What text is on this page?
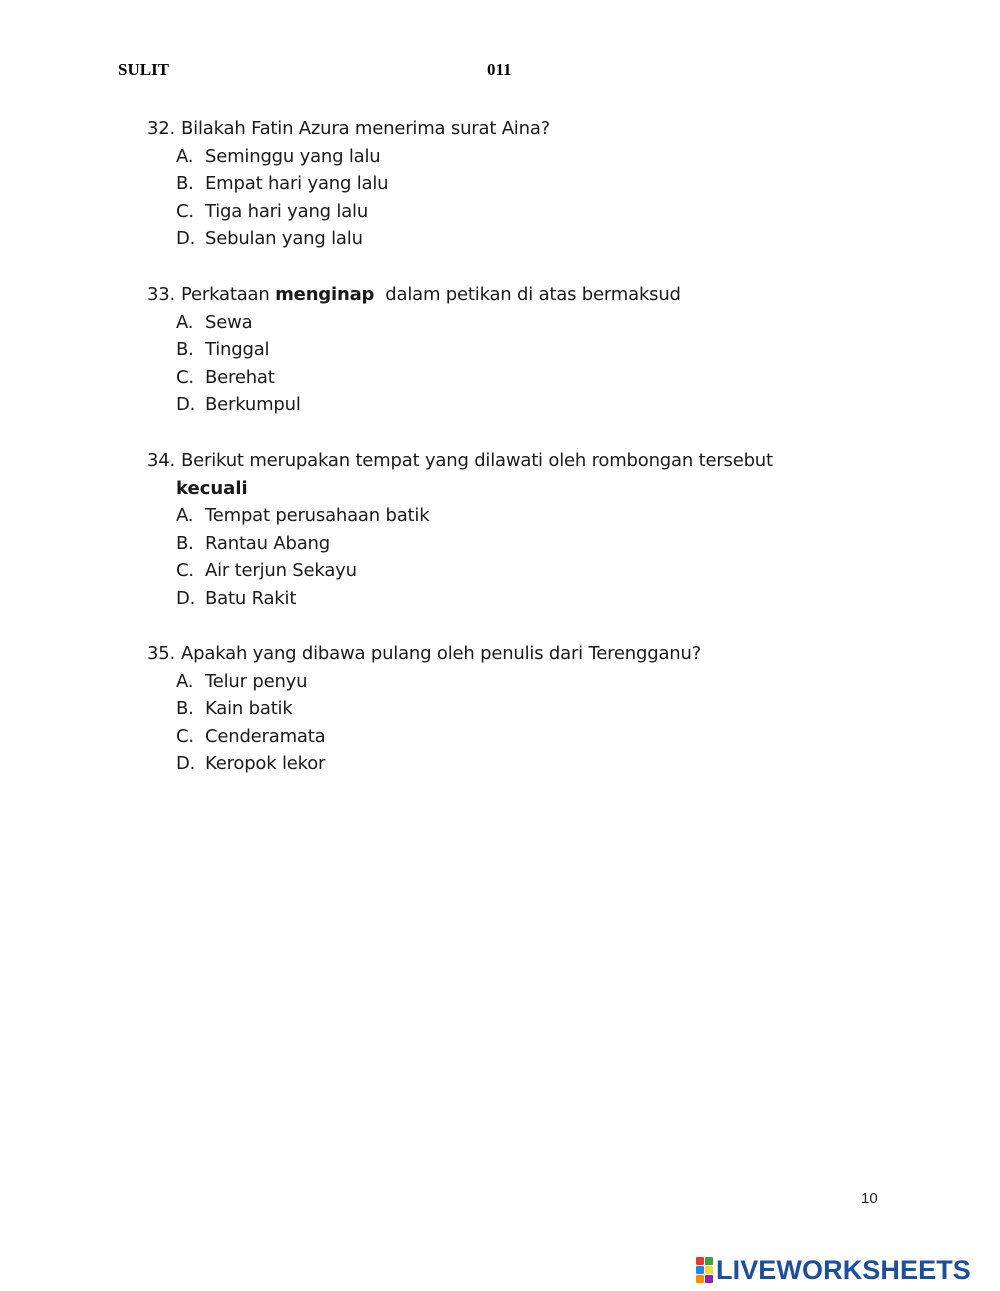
SULIT	011
32. Bilakah Fatin Azura menerima surat Aina?
A. Seminggu yang lalu
B. Empat hari yang lalu
C. Tiga hari yang lalu
D. Sebulan yang lalu
33. Perkataan menginap dalam petikan di atas bermaksud
A. Sewa
B. Tinggal
C. Berehat
D. Berkumpul
34. Berikut merupakan tempat yang dilawati oleh rombongan tersebut
kecuali
A. Tempat perusahaan batik
B. Rantau Abang
C. Air terjun Sekayu
D. Batu Rakit
35. Apakah yang dibawa pulang oleh penulis dari Terengganu?
A. Telur penyu
B. Kain batik
C. Cenderamata
D. Keropok lekor
10
LIVEWORKSHEETS
